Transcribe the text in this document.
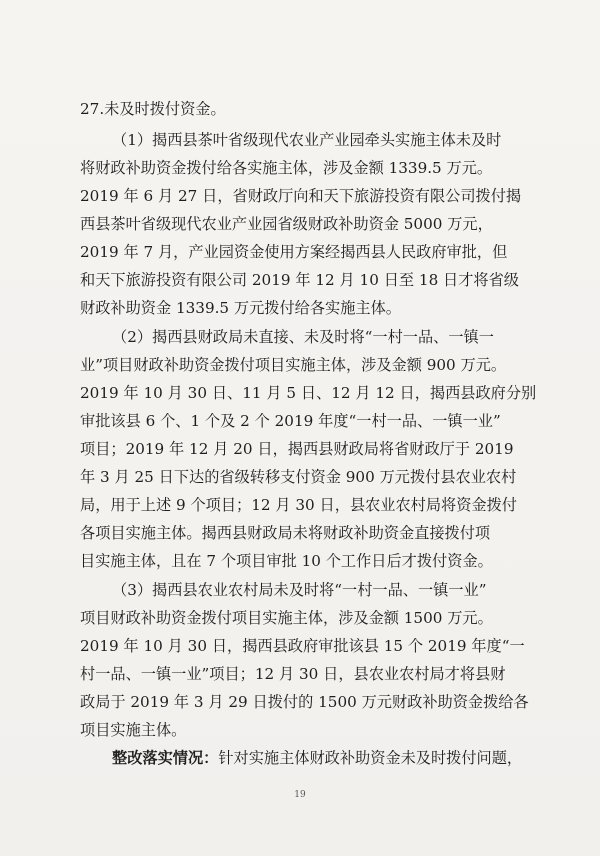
27.未及时拨付资金。
（1）揭西县茶叶省级现代农业产业园牵头实施主体未及时
将财政补助资金拨付给各实施主体，涉及金额 1339.5 万元。
2019 年 6 月 27 日，省财政厅向和天下旅游投资有限公司拨付揭
西县茶叶省级现代农业产业园省级财政补助资金 5000 万元，
2019 年 7 月，产业园资金使用方案经揭西县人民政府审批，但
和天下旅游投资有限公司 2019 年 12 月 10 日至 18 日才将省级
财政补助资金 1339.5 万元拨付给各实施主体。
（2）揭西县财政局未直接、未及时将“一村一品、一镇一
业”项目财政补助资金拨付项目实施主体，涉及金额 900 万元。
2019 年 10 月 30 日、11 月 5 日、12 月 12 日，揭西县政府分别
审批该县 6 个、1 个及 2 个 2019 年度“一村一品、一镇一业”
项目；2019 年 12 月 20 日，揭西县财政局将省财政厅于 2019
年 3 月 25 日下达的省级转移支付资金 900 万元拨付县农业农村
局，用于上述 9 个项目；12 月 30 日，县农业农村局将资金拨付
各项目实施主体。揭西县财政局未将财政补助资金直接拨付项
目实施主体，且在 7 个项目审批 10 个工作日后才拨付资金。
（3）揭西县农业农村局未及时将“一村一品、一镇一业”
项目财政补助资金拨付项目实施主体，涉及金额 1500 万元。
2019 年 10 月 30 日，揭西县政府审批该县 15 个 2019 年度“一
村一品、一镇一业”项目；12 月 30 日，县农业农村局才将县财
政局于 2019 年 3 月 29 日拨付的 1500 万元财政补助资金拨给各
项目实施主体。
整改落实情况：针对实施主体财政补助资金未及时拨付问题，
19
